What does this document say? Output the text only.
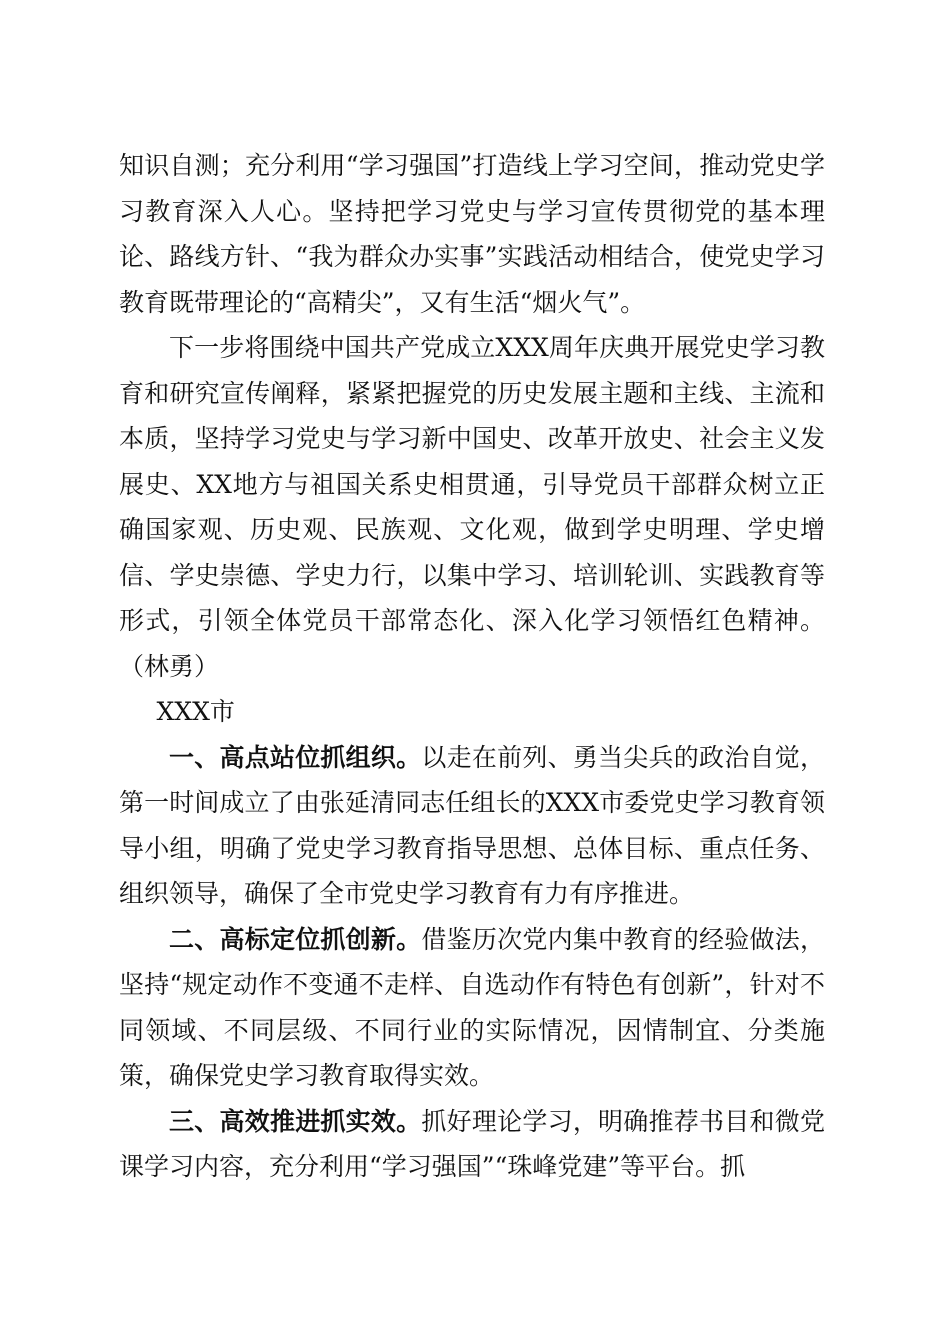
知识自测；充分利用“学习强国”打造线上学习空间，推动党史学习教育深入人心。坚持把学习党史与学习宣传贯彻党的基本理论、路线方针、“我为群众办实事”实践活动相结合，使党史学习教育既带理论的“高精尖”，又有生活“烟火气”。

下一步将围绕中国共产党成立XXX周年庆典开展党史学习教育和研究宣传阐释，紧紧把握党的历史发展主题和主线、主流和本质，坚持学习党史与学习新中国史、改革开放史、社会主义发展史、XX地方与祖国关系史相贯通，引导党员干部群众树立正确国家观、历史观、民族观、文化观，做到学史明理、学史增信、学史崇德、学史力行，以集中学习、培训轮训、实践教育等形式，引领全体党员干部常态化、深入化学习领悟红色精神。（林勇）

XXX市

一、高点站位抓组织。以走在前列、勇当尖兵的政治自觉，第一时间成立了由张延清同志任组长的XXX市委党史学习教育领导小组，明确了党史学习教育指导思想、总体目标、重点任务、组织领导，确保了全市党史学习教育有力有序推进。

二、高标定位抓创新。借鉴历次党内集中教育的经验做法，坚持“规定动作不变通不走样、自选动作有特色有创新”，针对不同领域、不同层级、不同行业的实际情况，因情制宜、分类施策，确保党史学习教育取得实效。

三、高效推进抓实效。抓好理论学习，明确推荐书目和微党课学习内容，充分利用“学习强国”“珠峰党建”等平台。抓
